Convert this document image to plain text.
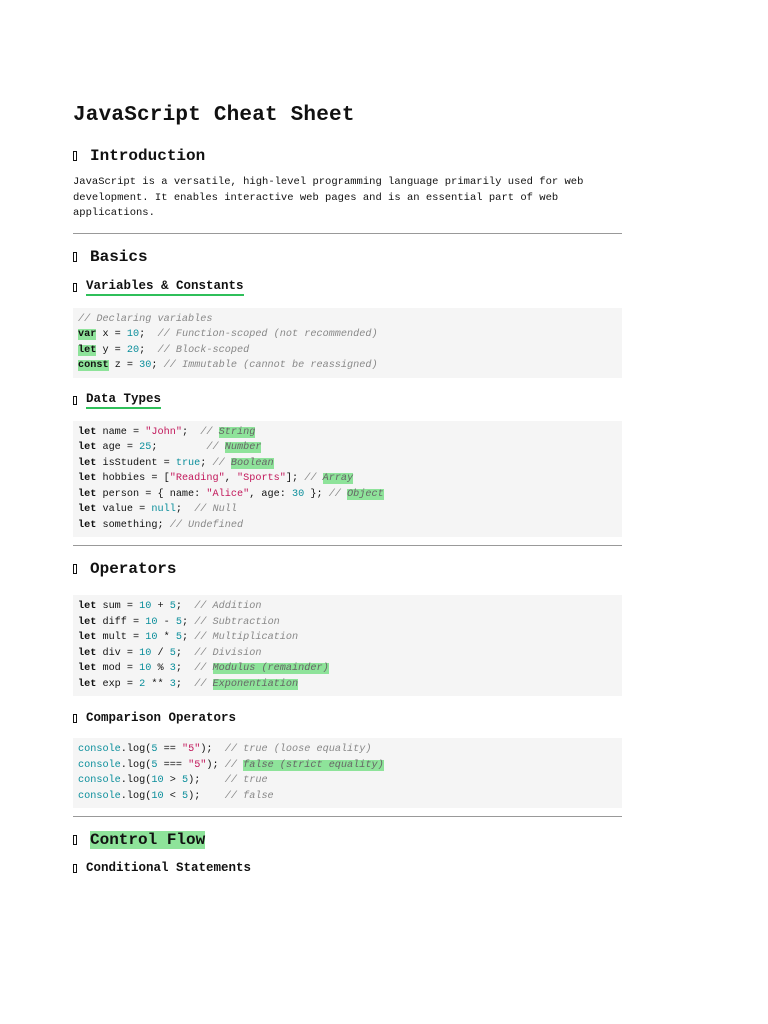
JavaScript Cheat Sheet
Introduction

JavaScript is a versatile, high-level programming language primarily used for web development. It enables interactive web pages and is an essential part of web applications.

Basics
Variables & Constants
// Declaring variables
var x = 10;  // Function-scoped (not recommended)
let y = 20;  // Block-scoped
const z = 30; // Immutable (cannot be reassigned)
Data Types
let name = "John";  // String
let age = 25;        // Number
let isStudent = true; // Boolean
let hobbies = ["Reading", "Sports"]; // Array
let person = { name: "Alice", age: 30 }; // Object
let value = null;  // Null
let something; // Undefined
Operators
let sum = 10 + 5;  // Addition
let diff = 10 - 5; // Subtraction
let mult = 10 * 5; // Multiplication
let div = 10 / 5;  // Division
let mod = 10 % 3;  // Modulus (remainder)
let exp = 2 ** 3;  // Exponentiation
Comparison Operators
console.log(5 == "5");  // true (loose equality)
console.log(5 === "5"); // false (strict equality)
console.log(10 > 5);    // true
console.log(10 < 5);    // false
Control Flow
Conditional Statements
